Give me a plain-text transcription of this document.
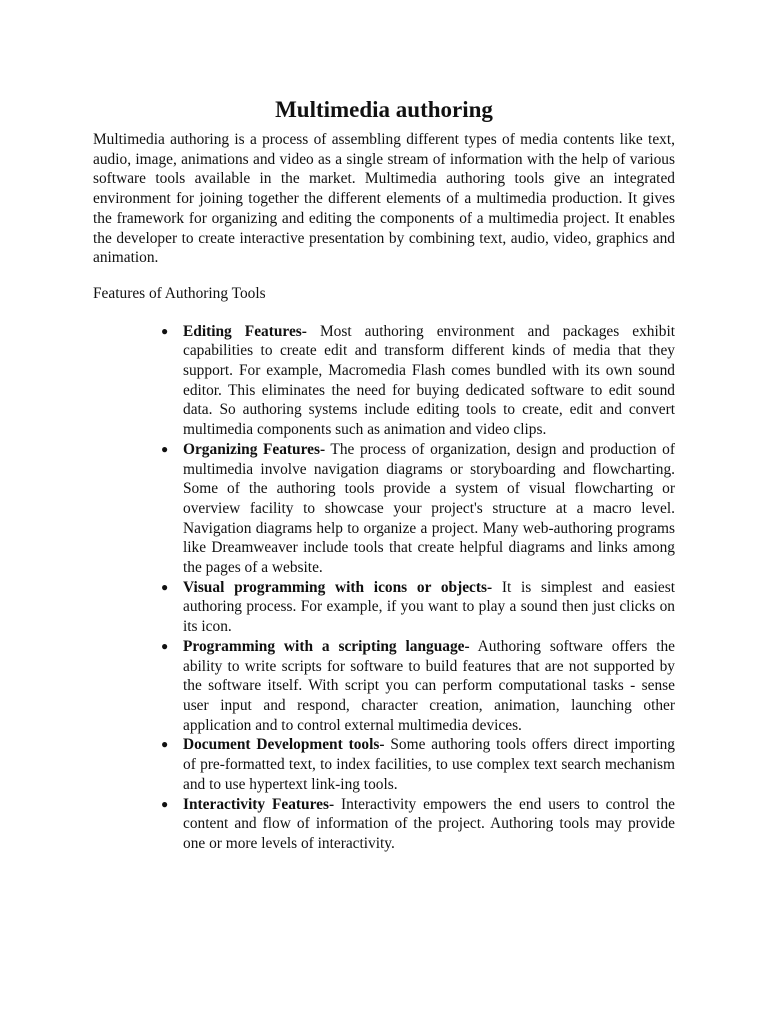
Multimedia authoring

Multimedia authoring is a process of assembling different types of media contents like text, audio, image, animations and video as a single stream of information with the help of various software tools available in the market. Multimedia authoring tools give an integrated environment for joining together the different elements of a multimedia production. It gives the framework for organizing and editing the components of a multimedia project. It enables the developer to create interactive presentation by combining text, audio, video, graphics and animation.

Features of Authoring Tools

● Editing Features- Most authoring environment and packages exhibit capabilities to create edit and transform different kinds of media that they support. For example, Macromedia Flash comes bundled with its own sound editor. This eliminates the need for buying dedicated software to edit sound data. So authoring systems include editing tools to create, edit and convert multimedia components such as animation and video clips.
● Organizing Features- The process of organization, design and production of multimedia involve navigation diagrams or storyboarding and flowcharting. Some of the authoring tools provide a system of visual flowcharting or overview facility to showcase your project's structure at a macro level. Navigation diagrams help to organize a project. Many web-authoring programs like Dreamweaver include tools that create helpful diagrams and links among the pages of a website.
● Visual programming with icons or objects- It is simplest and easiest authoring process. For example, if you want to play a sound then just clicks on its icon.
● Programming with a scripting language- Authoring software offers the ability to write scripts for software to build features that are not supported by the software itself. With script you can perform computational tasks - sense user input and respond, character creation, animation, launching other application and to control external multimedia devices.
● Document Development tools- Some authoring tools offers direct importing of pre-formatted text, to index facilities, to use complex text search mechanism and to use hypertext link-ing tools.
● Interactivity Features- Interactivity empowers the end users to control the content and flow of information of the project. Authoring tools may provide one or more levels of interactivity.
